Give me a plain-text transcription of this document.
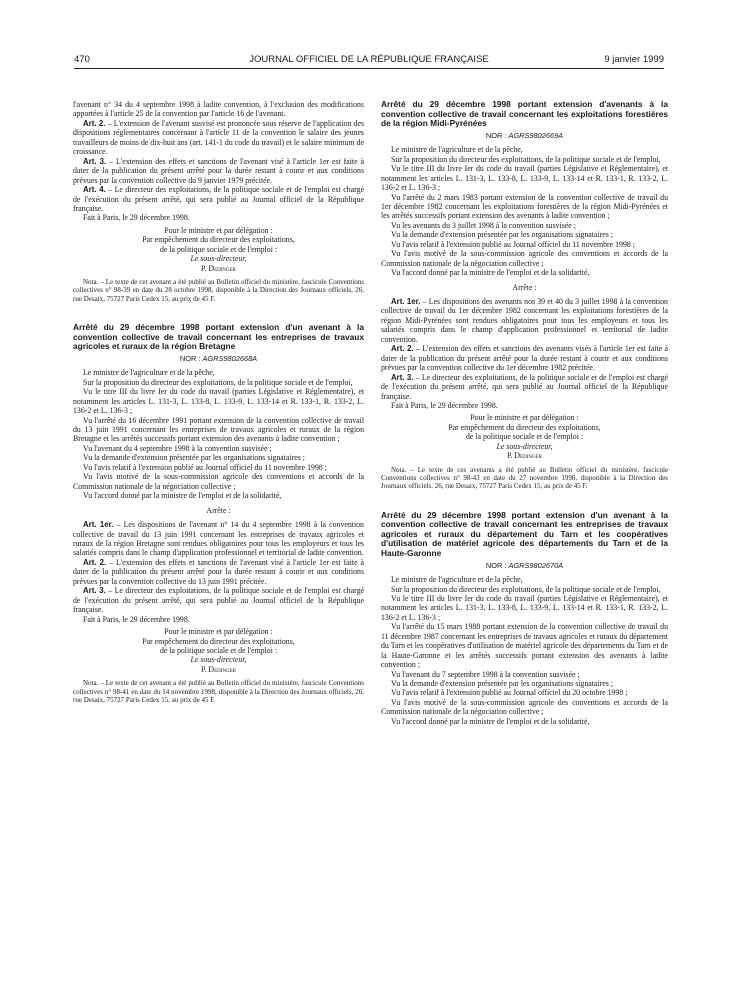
470	JOURNAL OFFICIEL DE LA RÉPUBLIQUE FRANÇAISE	9 janvier 1999

l'avenant n° 34 du 4 septembre 1998 à ladite convention, à l'exclusion des modifications apportées à l'article 25 de la convention par l'article 16 de l'avenant.

Art. 2. – L'extension de l'avenant susvisé est prononcée sous réserve de l'application des dispositions réglementaires concernant à l'article 11 de la convention le salaire des jeunes travailleurs de moins de dix-huit ans (art. 141-1 du code du travail) et le salaire minimum de croissance.

Art. 3. – L'extension des effets et sanctions de l'avenant visé à l'article 1er est faite à dater de la publication du présent arrêté pour la durée restant à courir et aux conditions prévues par la convention collective du 9 janvier 1979 précitée.

Art. 4. – Le directeur des exploitations, de la politique sociale et de l'emploi est chargé de l'exécution du présent arrêté, qui sera publié au Journal officiel de la République française.

Fait à Paris, le 29 décembre 1998.

Pour le ministre et par délégation :

Par empêchement du directeur des exploitations,

de la politique sociale et de l'emploi :

Le sous-directeur,

P. Dedinger

Nota. – Le texte de cet avenant a été publié au Bulletin officiel du ministère, fascicule Conventions collectives n° 98-39 en date du 28 octobre 1998, disponible à la Direction des Journaux officiels, 26, rue Desaix, 75727 Paris Cedex 15, au prix de 45 F.

Arrêté du 29 décembre 1998 portant extension d'un avenant à la convention collective de travail concernant les entreprises de travaux agricoles et ruraux de la région Bretagne

NOR : AGRS9802668A

Le ministre de l'agriculture et de la pêche,

Sur la proposition du directeur des exploitations, de la politique sociale et de l'emploi,

Vu le titre III du livre Ier du code du travail (parties Législative et Réglementaire), et notamment les articles L. 131-3, L. 133-8, L. 133-9, L. 133-14 et R. 133-1, R. 133-2, L. 136-2 et L. 136-3 ;

Vu l'arrêté du 16 décembre 1991 portant extension de la convention collective de travail du 13 juin 1991 concernant les entreprises de travaux agricoles et ruraux de la région Bretagne et les arrêtés successifs portant extension des avenants à ladite convention ;

Vu l'avenant du 4 septembre 1998 à la convention susvisée ;

Vu la demande d'extension présentée par les organisations signataires ;

Vu l'avis relatif à l'extension publié au Journal officiel du 11 novembre 1998 ;

Vu l'avis motivé de la sous-commission agricole des conventions et accords de la Commission nationale de la négociation collective ;

Vu l'accord donné par la ministre de l'emploi et de la solidarité,

Arrête :

Art. 1er. – Les dispositions de l'avenant n° 14 du 4 septembre 1998 à la convention collective de travail du 13 juin 1991 concernant les entreprises de travaux agricoles et ruraux de la région Bretagne sont rendues obligatoires pour tous les employeurs et tous les salariés compris dans le champ d'application professionnel et territorial de ladite convention.

Art. 2. – L'extension des effets et sanctions de l'avenant visé à l'article 1er est faite à dater de la publication du présent arrêté pour la durée restant à courir et aux conditions prévues par la convention collective du 13 juin 1991 précitée.

Art. 3. – Le directeur des exploitations, de la politique sociale et de l'emploi est chargé de l'exécution du présent arrêté, qui sera publié au Journal officiel de la République française.

Fait à Paris, le 29 décembre 1998.

Pour le ministre et par délégation :

Par empêchement du directeur des exploitations,

de la politique sociale et de l'emploi :

Le sous-directeur,

P. Dedinger

Nota. – Le texte de cet avenant a été publié au Bulletin officiel du ministère, fascicule Conventions collectives n° 98-41 en date du 14 novembre 1998, disponible à la Direction des Journaux officiels, 26, rue Desaix, 75727 Paris Cedex 15, au prix de 45 F.

Arrêté du 29 décembre 1998 portant extension d'avenants à la convention collective de travail concernant les exploitations forestières de la région Midi-Pyrénées

NOR : AGRS9802669A

Le ministre de l'agriculture et de la pêche,

Sur la proposition du directeur des exploitations, de la politique sociale et de l'emploi,

Vu le titre III du livre Ier du code du travail (parties Législative et Réglementaire), et notamment les articles L. 131-3, L. 133-8, L. 133-9, L. 133-14 et R. 133-1, R. 133-2, L. 136-2 et L. 136-3 ;

Vu l'arrêté du 2 mars 1983 portant extension de la convention collective de travail du 1er décembre 1982 concernant les exploitations forestières de la région Midi-Pyrénées et les arrêtés successifs portant extension des avenants à ladite convention ;

Vu les avenants du 3 juillet 1998 à la convention susvisée ;

Vu la demande d'extension présentée par les organisations signataires ;

Vu l'avis relatif à l'extension publié au Journal officiel du 11 novembre 1998 ;

Vu l'avis motivé de la sous-commission agricole des conventions et accords de la Commission nationale de la négociation collective ;

Vu l'accord donné par la ministre de l'emploi et de la solidarité,

Arrête :

Art. 1er. – Les dispositions des avenants nos 39 et 40 du 3 juillet 1998 à la convention collective de travail du 1er décembre 1982 concernant les exploitations forestières de la région Midi-Pyrénées sont rendues obligatoires pour tous les employeurs et tous les salariés compris dans le champ d'application professionnel et territorial de ladite convention.

Art. 2. – L'extension des effets et sanctions des avenants visés à l'article 1er est faite à dater de la publication du présent arrêté pour la durée restant à courir et aux conditions prévues par la convention collective du 1er décembre 1982 précitée.

Art. 3. – Le directeur des exploitations, de la politique sociale et de l'emploi est chargé de l'exécution du présent arrêté, qui sera publié au Journal officiel de la République française.

Fait à Paris, le 29 décembre 1998.

Pour le ministre et par délégation :

Par empêchement du directeur des exploitations,

de la politique sociale et de l'emploi :

Le sous-directeur,

P. Dedinger

Nota. – Le texte de ces avenants a été publié au Bulletin officiel du ministère, fascicule Conventions collectives n° 98-43 en date du 27 novembre 1998, disponible à la Direction des Journaux officiels, 26, rue Desaix, 75727 Paris Cedex 15, au prix de 45 F.

Arrêté du 29 décembre 1998 portant extension d'un avenant à la convention collective de travail concernant les entreprises de travaux agricoles et ruraux du département du Tarn et les coopératives d'utilisation de matériel agricole des départements du Tarn et de la Haute-Garonne

NOR : AGRS9802670A

Le ministre de l'agriculture et de la pêche,

Sur la proposition du directeur des exploitations, de la politique sociale et de l'emploi,

Vu le titre III du livre Ier du code du travail (parties Législative et Réglementaire), et notamment les articles L. 131-3, L. 133-8, L. 133-9, L. 133-14 et R. 133-1, R. 133-2, L. 136-2 et L. 136-3 ;

Vu l'arrêté du 15 mars 1988 portant extension de la convention collective de travail du 11 décembre 1987 concernant les entreprises de travaux agricoles et ruraux du département du Tarn et les coopératives d'utilisation de matériel agricole des départements du Tarn et de la Haute-Garonne et les arrêtés successifs portant extension des avenants à ladite convention ;

Vu l'avenant du 7 septembre 1998 à la convention susvisée ;

Vu la demande d'extension présentée par les organisations signataires ;

Vu l'avis relatif à l'extension publié au Journal officiel du 20 octobre 1998 ;

Vu l'avis motivé de la sous-commission agricole des conventions et accords de la Commission nationale de la négociation collective ;

Vu l'accord donné par la ministre de l'emploi et de la solidarité,
